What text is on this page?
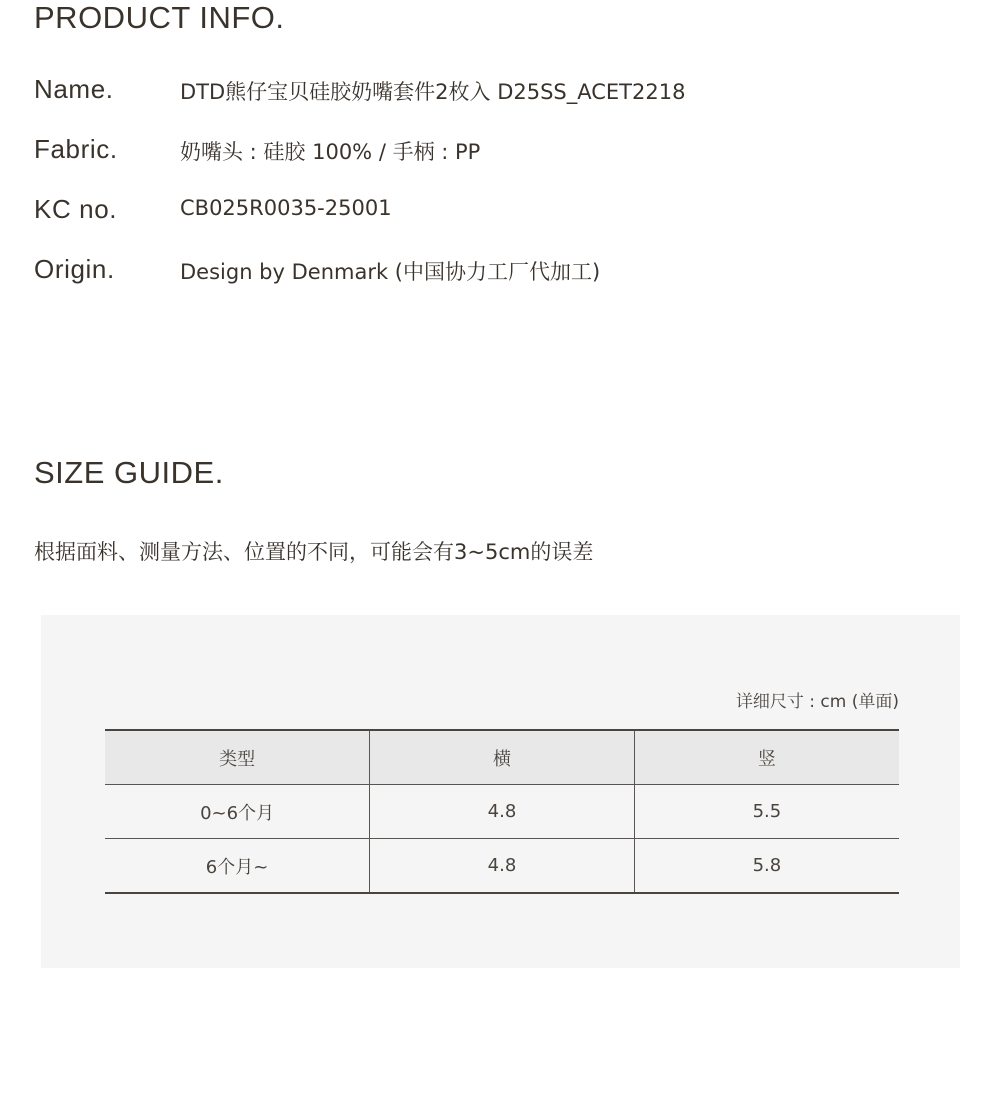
PRODUCT INFO.
Name.	DTD熊仔宝贝硅胶奶嘴套件2枚入 D25SS_ACET2218
Fabric.	奶嘴头 : 硅胶 100% / 手柄 : PP
KC no.	CB025R0035-25001
Origin.	Design by Denmark (中国协力工厂代加工)
SIZE GUIDE.
根据面料、测量方法、位置的不同，可能会有3~5cm的误差
详细尺寸 : cm (单面)
类型	横	竖
0~6个月	4.8	5.5
6个月~	4.8	5.8
